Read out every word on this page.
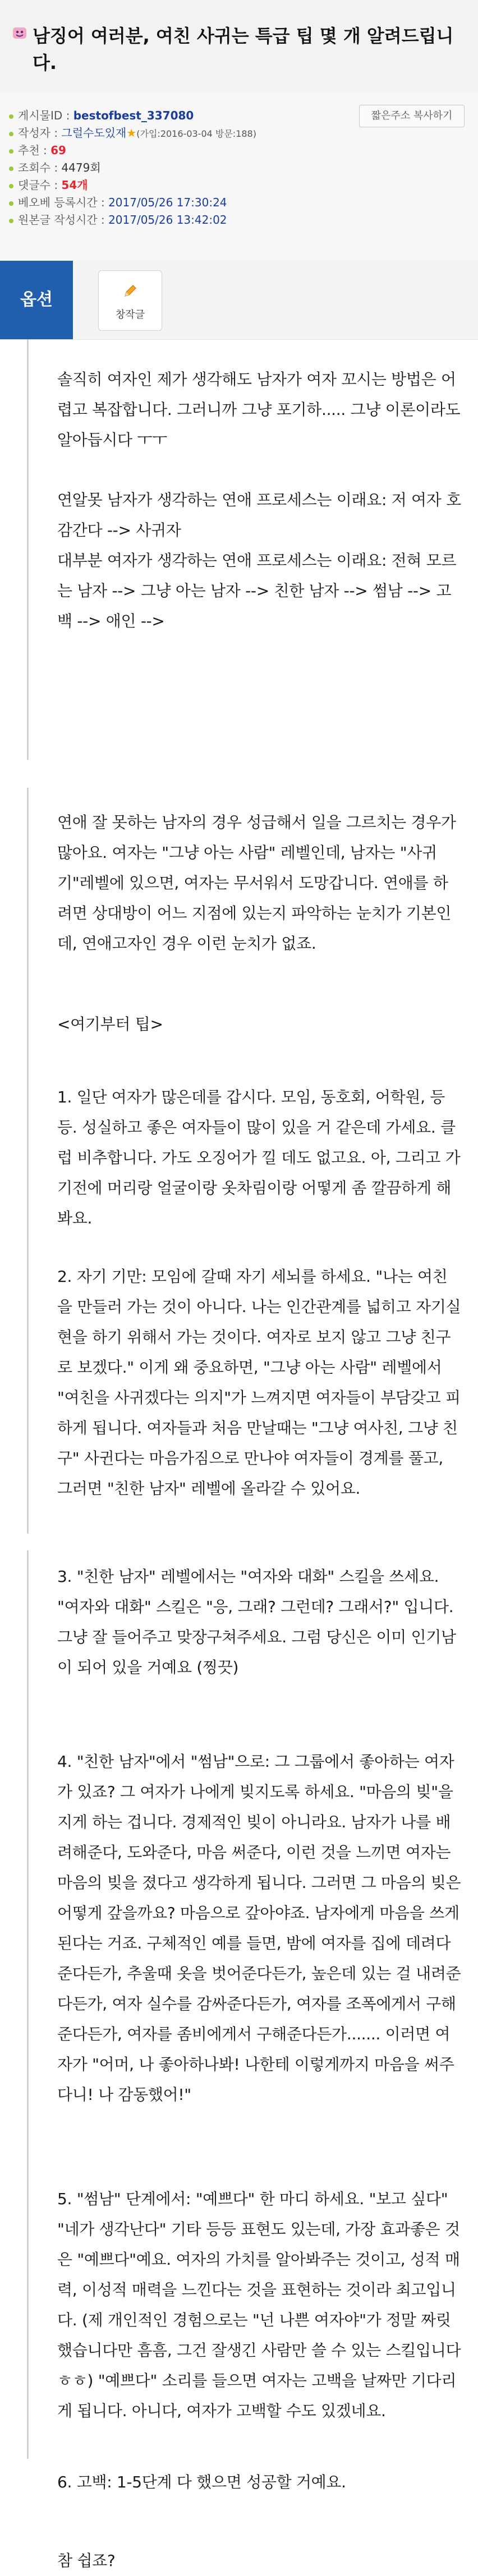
남징어 여러분, 여친 사귀는 특급 팁 몇 개 알려드립니다.
게시물ID : bestofbest_337080
작성자 : 그럴수도있재★(가입:2016-03-04 방문:188)
추천 : 69
조회수 : 4479회
댓글수 : 54개
베오베 등록시간 : 2017/05/26 17:30:24
원본글 작성시간 : 2017/05/26 13:42:02
짧은주소 복사하기
옵션
창작글
솔직히 여자인 제가 생각해도 남자가 여자 꼬시는 방법은 어렵고 복잡합니다. 그러니까 그냥 포기하..... 그냥 이론이라도 알아듭시다 ㅜㅜ

연알못 남자가 생각하는 연애 프로세스는 이래요: 저 여자 호감간다 --> 사귀자

대부분 여자가 생각하는 연애 프로세스는 이래요: 전혀 모르는 남자 --> 그냥 아는 남자 --> 친한 남자 --> 썸남 --> 고백 --> 애인 -->

연애 잘 못하는 남자의 경우 성급해서 일을 그르치는 경우가 많아요. 여자는 "그냥 아는 사람" 레벨인데, 남자는 "사귀기"레벨에 있으면, 여자는 무서워서 도망갑니다. 연애를 하려면 상대방이 어느 지점에 있는지 파악하는 눈치가 기본인데, 연애고자인 경우 이런 눈치가 없죠.
<여기부터 팁>
1. 일단 여자가 많은데를 갑시다. 모임, 동호회, 어학원, 등등. 성실하고 좋은 여자들이 많이 있을 거 같은데 가세요. 클럽 비추합니다. 가도 오징어가 낄 데도 없고요. 아, 그리고 가기전에 머리랑 얼굴이랑 옷차림이랑 어떻게 좀 깔끔하게 해봐요.
2. 자기 기만: 모임에 갈때 자기 세뇌를 하세요. "나는 여친을 만들러 가는 것이 아니다. 나는 인간관계를 넓히고 자기실현을 하기 위해서 가는 것이다. 여자로 보지 않고 그냥 친구로 보겠다." 이게 왜 중요하면, "그냥 아는 사람" 레벨에서 "여친을 사귀겠다는 의지"가 느껴지면 여자들이 부담갖고 피하게 됩니다. 여자들과 처음 만날때는 "그냥 여사친, 그냥 친구" 사귄다는 마음가짐으로 만나야 여자들이 경계를 풀고, 그러면 "친한 남자" 레벨에 올라갈 수 있어요.
3. "친한 남자" 레벨에서는 "여자와 대화" 스킬을 쓰세요. "여자와 대화" 스킬은 "응, 그래? 그런데? 그래서?" 입니다. 그냥 잘 들어주고 맞장구쳐주세요. 그럼 당신은 이미 인기남이 되어 있을 거예요 (찡끗)
4. "친한 남자"에서 "썸남"으로: 그 그룹에서 좋아하는 여자가 있죠? 그 여자가 나에게 빚지도록 하세요. "마음의 빚"을 지게 하는 겁니다. 경제적인 빚이 아니라요. 남자가 나를 배려해준다, 도와준다, 마음 써준다, 이런 것을 느끼면 여자는 마음의 빚을 졌다고 생각하게 됩니다. 그러면 그 마음의 빚은 어떻게 갚을까요? 마음으로 갚아야죠. 남자에게 마음을 쓰게 된다는 거죠. 구체적인 예를 들면, 밤에 여자를 집에 데려다 준다든가, 추울때 옷을 벗어준다든가, 높은데 있는 걸 내려준다든가, 여자 실수를 감싸준다든가, 여자를 조폭에게서 구해준다든가, 여자를 좀비에게서 구해준다든가....... 이러면 여자가 "어머, 나 좋아하나봐! 나한테 이렇게까지 마음을 써주다니! 나 감동했어!"
5. "썸남" 단계에서: "예쁘다" 한 마디 하세요. "보고 싶다" "네가 생각난다" 기타 등등 표현도 있는데, 가장 효과좋은 것은 "예쁘다"예요. 여자의 가치를 알아봐주는 것이고, 성적 매력, 이성적 매력을 느낀다는 것을 표현하는 것이라 최고입니다. (제 개인적인 경험으로는 "넌 나쁜 여자야"가 정말 짜릿했습니다만 흠흠, 그건 잘생긴 사람만 쓸 수 있는 스킬입니다 ㅎㅎ) "예쁘다" 소리를 들으면 여자는 고백을 날짜만 기다리게 됩니다. 아니다, 여자가 고백할 수도 있겠네요.
6. 고백: 1-5단계 다 했으면 성공할 거예요.
참 쉽죠?
